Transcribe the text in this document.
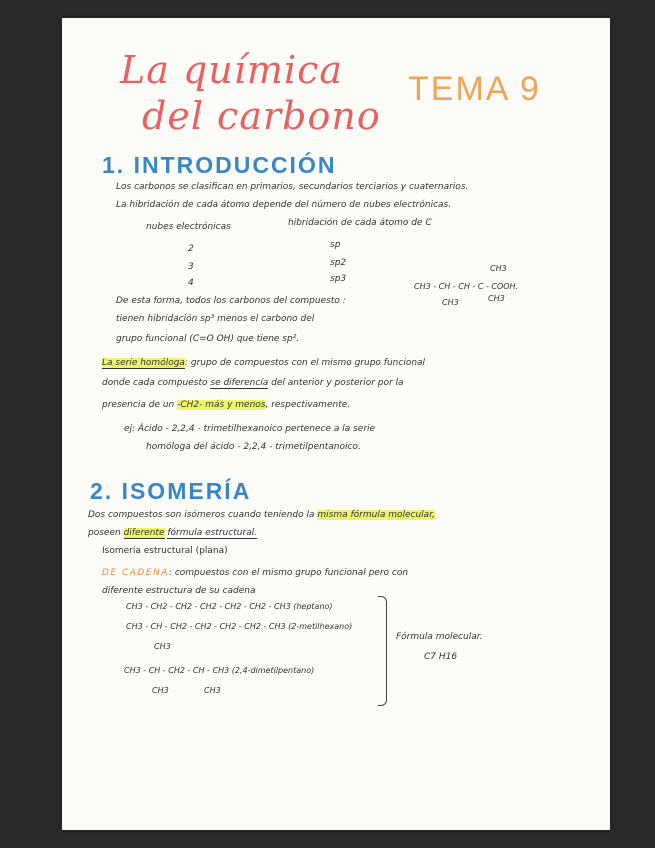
La química
del carbono
TEMA 9
1. INTRODUCCIÓN
Los carbonos se clasifican en primarios, secundarios terciarios y cuaternarios.
La hibridación de cada átomo depende del número de nubes electrónicas.
nubes electrónicas	hibridación de cada átomo de C
2	sp
3	sp2
4	sp3
De esta forma, todos los carbonos del compuesto :
CH3
CH3 - CH - CH - C - COOH.
CH3	CH3
tienen hibridación sp³ menos el carbono del
grupo funcional (C=O OH) que tiene sp².
La serie homóloga: grupo de compuestos con el mismo grupo funcional
donde cada compuesto se diferencia del anterior y posterior por la
presencia de un -CH2- más y menos, respectivamente.
ej: Ácido - 2,2,4 - trimetilhexanoico pertenece a la serie
homóloga del ácido - 2,2,4 - trimetilpentanoico.
2. ISOMERÍA
Dos compuestos son isómeros cuando teniendo la misma fórmula molecular,
poseen diferente fórmula estructural.
Isomería estructural (plana)
DE CADENA: compuestos con el mismo grupo funcional pero con
diferente estructura de su cadena
CH3 - CH2 - CH2 - CH2 - CH2 - CH2 - CH3 (heptano)
CH3 - CH - CH2 - CH2 - CH2 - CH2 - CH3 (2-metilhexano)
CH3
CH3 - CH - CH2 - CH - CH3 (2,4-dimetilpentano)
CH3	CH3
Fórmula molecular.
C7 H16
